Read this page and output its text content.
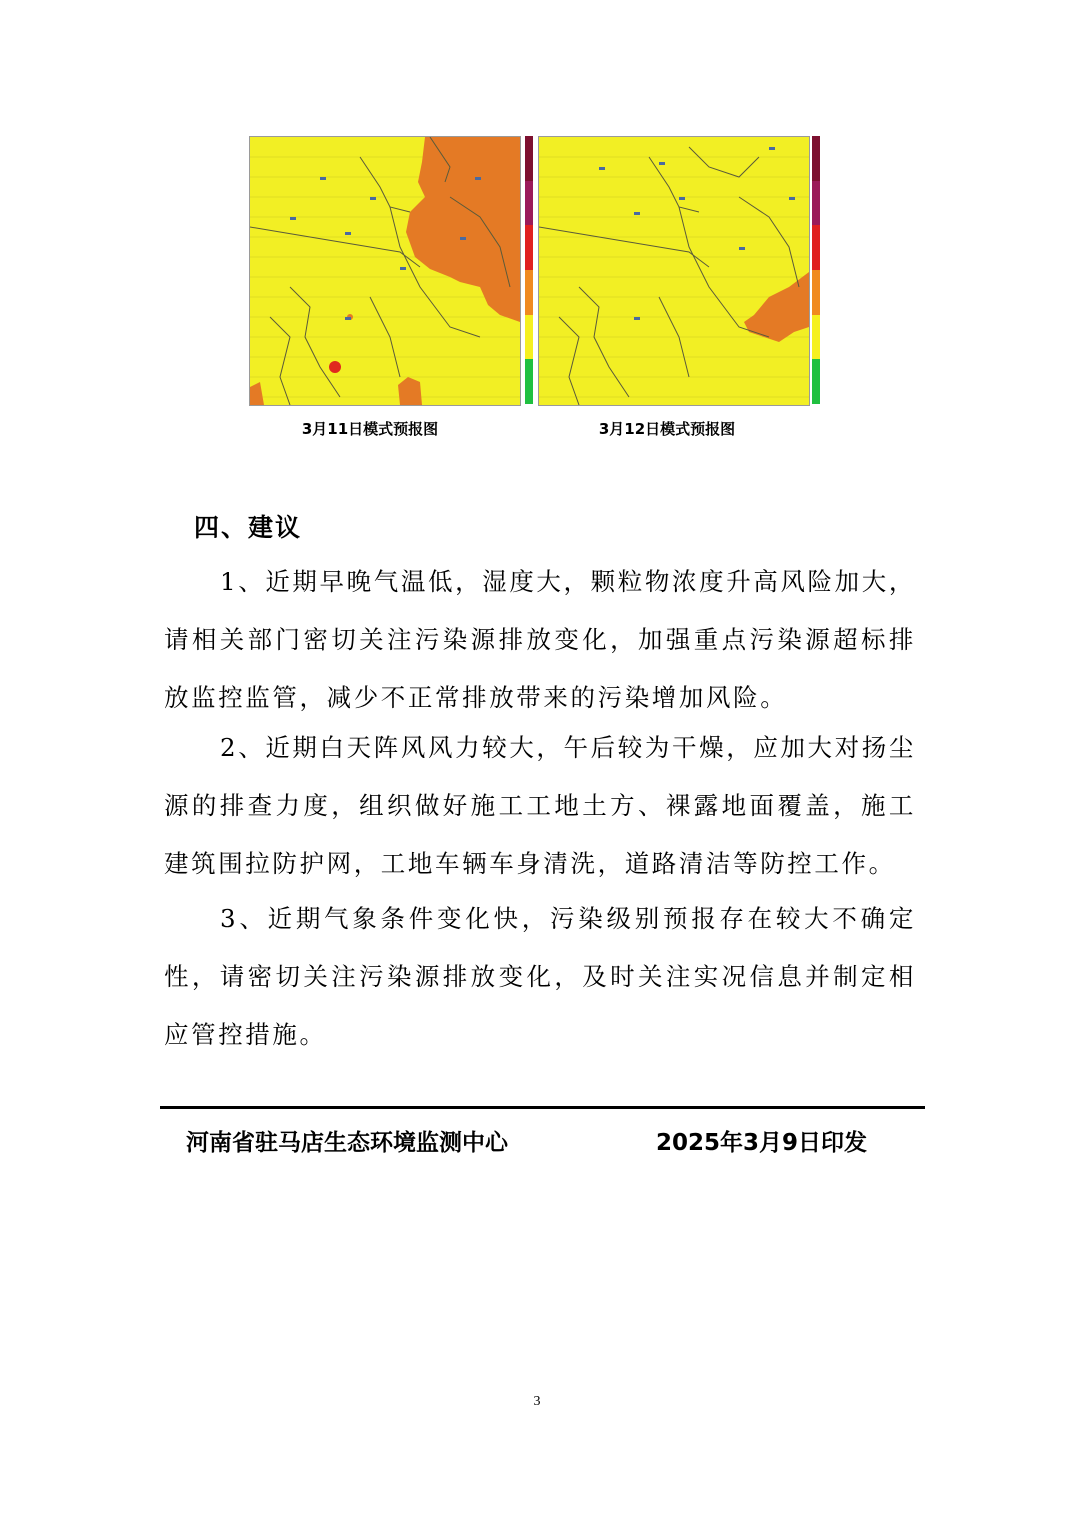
3月11日模式预报图	3月12日模式预报图
四、建议

1、近期早晚气温低，湿度大，颗粒物浓度升高风险加大，请相关部门密切关注污染源排放变化，加强重点污染源超标排放监控监管，减少不正常排放带来的污染增加风险。

2、近期白天阵风风力较大，午后较为干燥，应加大对扬尘源的排查力度，组织做好施工工地土方、裸露地面覆盖，施工建筑围拉防护网，工地车辆车身清洗，道路清洁等防控工作。

3、近期气象条件变化快，污染级别预报存在较大不确定性，请密切关注污染源排放变化，及时关注实况信息并制定相应管控措施。

河南省驻马店生态环境监测中心	2025年3月9日印发
3
